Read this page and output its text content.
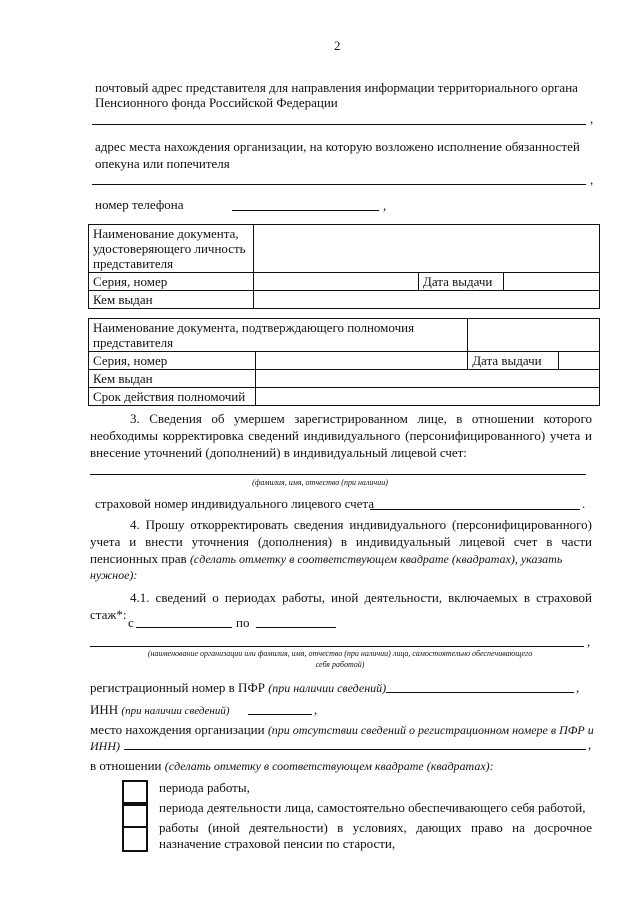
2
почтовый адрес представителя для направления информации территориального органа
Пенсионного фонда Российской Федерации
,
адрес места нахождения организации, на которую возложено исполнение обязанностей
опекуна или попечителя
,
номер телефона	,
Наименование документа, удостоверяющего личность представителя			
Серия, номер		Дата выдачи	
Кем выдан			
Наименование документа, подтверждающего полномочия представителя	
Серия, номер			Дата выдачи	

Кем выдан	
Срок действия полномочий	
3. Сведения об умершем зарегистрированном лице, в отношении которого
необходимы корректировка сведений индивидуального (персонифицированного) учета и
внесение уточнений (дополнений) в индивидуальный лицевой счет:
(фамилия, имя, отчество (при наличии)
страховой номер индивидуального лицевого счета	.
4. Прошу откорректировать сведения индивидуального (персонифицированного)
учета и внести уточнения (дополнения) в индивидуальный лицевой счет в части
пенсионных прав (сделать отметку в соответствующем квадрате (квадратах), указать
нужное):
4.1. сведений о периодах работы, иной деятельности, включаемых в страховой
стаж*:
с	по
,
(наименование организации или фамилия, имя, отчество (при наличии) лица, самостоятельно обеспечивающего
себя работой)
регистрационный номер в ПФР (при наличии сведений)	,
ИНН (при наличии сведений)	,
место нахождения организации (при отсутствии сведений о регистрационном номере в ПФР и
ИНН)	,
в отношении (сделать отметку в соответствующем квадрате (квадратах):
периода работы,
периода деятельности лица, самостоятельно обеспечивающего себя работой,
работы (иной деятельности) в условиях, дающих право на досрочное
назначение страховой пенсии по старости,
